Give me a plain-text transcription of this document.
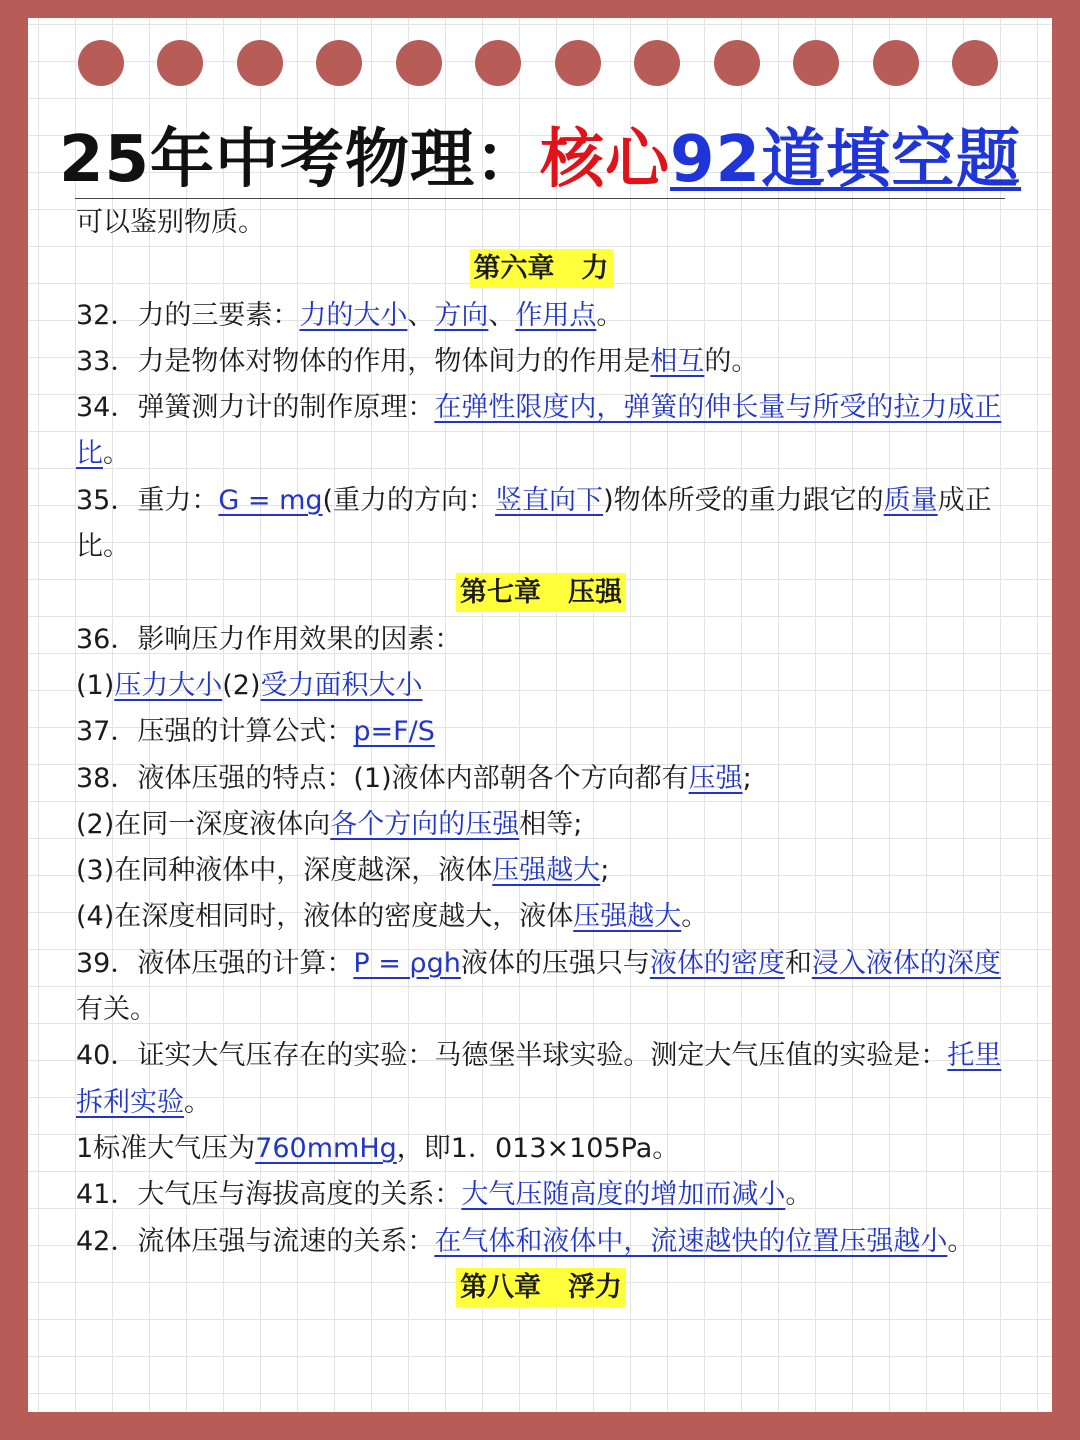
25年中考物理：核心92道填空题
可以鉴别物质。
第六章　力
32．力的三要素：力的大小、方向、作用点。
33．力是物体对物体的作用，物体间力的作用是相互的。
34．弹簧测力计的制作原理：在弹性限度内，弹簧的伸长量与所受的拉力成正比。
35．重力：G = mg(重力的方向：竖直向下)物体所受的重力跟它的质量成正比。
第七章　压强
36．影响压力作用效果的因素：
(1)压力大小(2)受力面积大小
37．压强的计算公式：p=F/S
38．液体压强的特点：(1)液体内部朝各个方向都有压强;
(2)在同一深度液体向各个方向的压强相等;
(3)在同种液体中，深度越深，液体压强越大;
(4)在深度相同时，液体的密度越大，液体压强越大。
39．液体压强的计算：P = ρgh液体的压强只与液体的密度和浸入液体的深度有关。
40．证实大气压存在的实验：马德堡半球实验。测定大气压值的实验是：托里拆利实验。
1标准大气压为760mmHg，即1．013×105Pa。
41．大气压与海拔高度的关系：大气压随高度的增加而减小。
42．流体压强与流速的关系：在气体和液体中，流速越快的位置压强越小。
第八章　浮力
